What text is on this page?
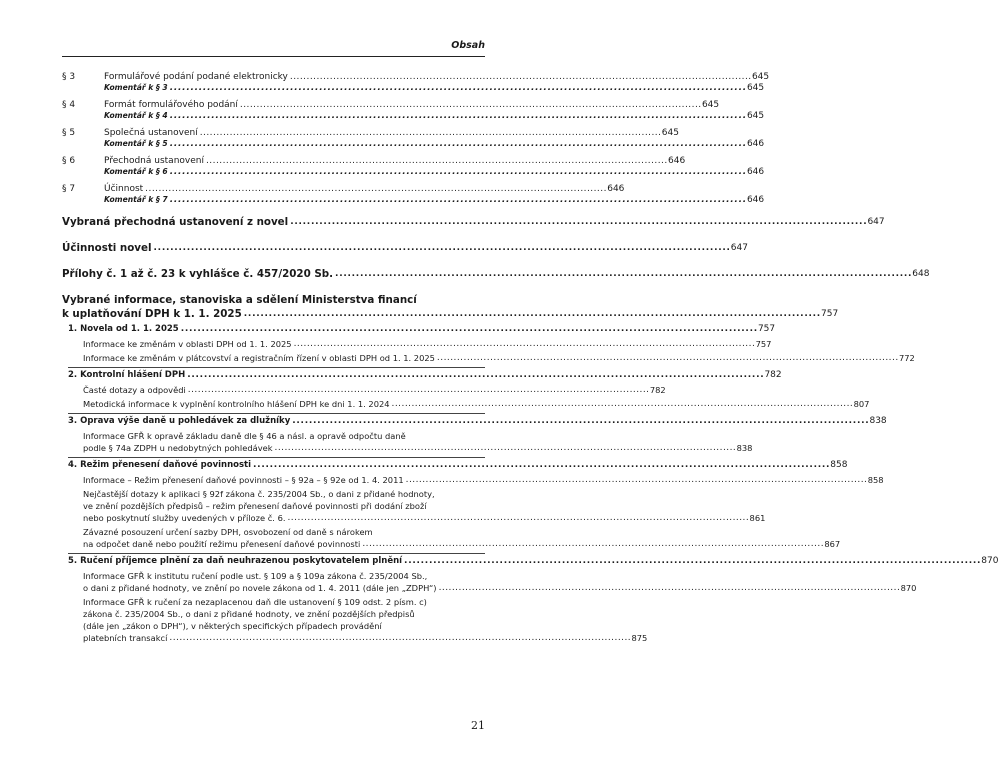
Obsah
§ 3	Formulářové podání podané elektronicky . . .	645
Komentář k § 3 . . .	645
§ 4	Formát formulářového podání . . .	645
Komentář k § 4 . . .	645
§ 5	Společná ustanovení . . .	645
Komentář k § 5 . . .	646
§ 6	Přechodná ustanovení . . .	646
Komentář k § 6 . . .	646
§ 7	Účinnost . . .	646
Komentář k § 7 . . .	646
Vybraná přechodná ustanovení z novel . . .	647
Účinnosti novel . . .	647
Přílohy č. 1 až č. 23 k vyhlášce č. 457/2020 Sb. . . .	648
Vybrané informace, stanoviska a sdělení Ministerstva financí
k uplatňování DPH k 1. 1. 2025 . . .	757
1. Novela od 1. 1. 2025 . . .	757
Informace ke změnám v oblasti DPH od 1. 1. 2025 . . .	757
Informace ke změnám v plátcovství a registračním řízení v oblasti DPH od 1. 1. 2025 . . .	772
2. Kontrolní hlášení DPH . . .	782
Časté dotazy a odpovědi . . .	782
Metodická informace k vyplnění kontrolního hlášení DPH ke dni 1. 1. 2024 . . .	807
3. Oprava výše daně u pohledávek za dlužníky . . .	838
Informace GFŘ k opravě základu daně dle § 46 a násl. a opravě odpočtu daně
podle § 74a ZDPH u nedobytných pohledávek . . .	838
4. Režim přenesení daňové povinnosti . . .	858
Informace – Režim přenesení daňové povinnosti – § 92a – § 92e od 1. 4. 2011 . . .	858
Nejčastější dotazy k aplikaci § 92f zákona č. 235/2004 Sb., o dani z přidané hodnoty,
ve znění pozdějších předpisů – režim přenesení daňové povinnosti při dodání zboží
nebo poskytnutí služby uvedených v příloze č. 6. . . .	861
Závazné posouzení určení sazby DPH, osvobození od daně s nárokem
na odpočet daně nebo použití režimu přenesení daňové povinnosti . . .	867
5. Ručení příjemce plnění za daň neuhrazenou poskytovatelem plnění . . .	870
Informace GFŘ k institutu ručení podle ust. § 109 a § 109a zákona č. 235/2004 Sb.,
o dani z přidané hodnoty, ve znění po novele zákona od 1. 4. 2011 (dále jen „ZDPH“) . . .	870
Informace GFŘ k ručení za nezaplacenou daň dle ustanovení § 109 odst. 2 písm. c)
zákona č. 235/2004 Sb., o dani z přidané hodnoty, ve znění pozdějších předpisů
(dále jen „zákon o DPH“), v některých specifických případech provádění
platebních transakcí . . .	875
21
